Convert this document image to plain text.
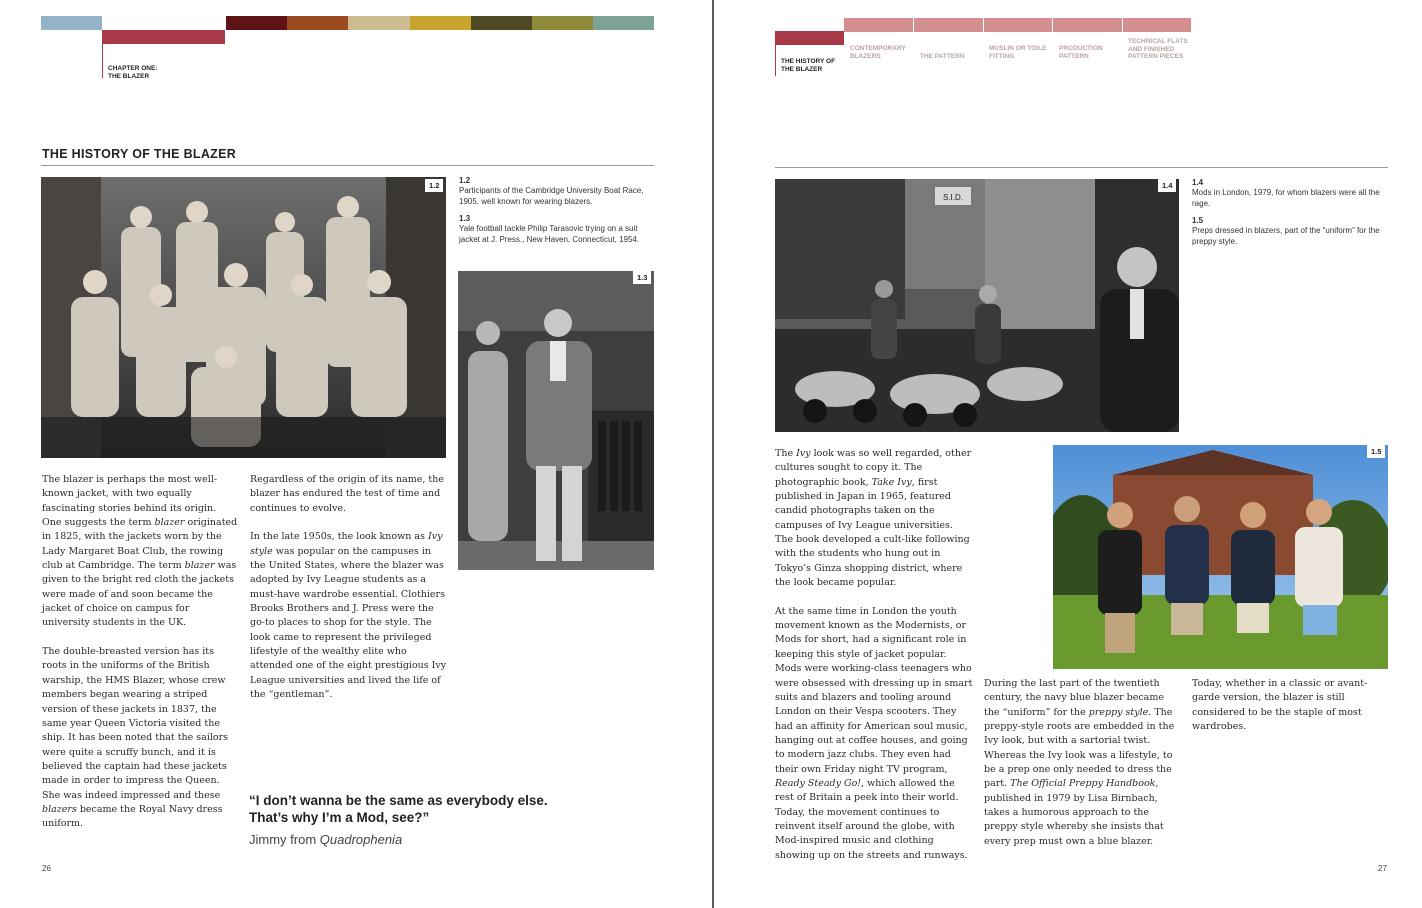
CHAPTER ONE:
THE BLAZER
THE HISTORY OF THE BLAZER
1.2
1.2
Participants of the Cambridge University Boat Race, 1905, well known for wearing blazers.
1.3
Yale football tackle Philip Tarasovic trying on a suit jacket at J. Press., New Haven, Connecticut, 1954.
1.3

The blazer is perhaps the most well-known jacket, with two equally fascinating stories behind its origin. One suggests the term blazer originated in 1825, with the jackets worn by the Lady Margaret Boat Club, the rowing club at Cambridge. The term blazer was given to the bright red cloth the jackets were made of and soon became the jacket of choice on campus for university students in the UK.

The double-breasted version has its roots in the uniforms of the British warship, the HMS Blazer, whose crew members began wearing a striped version of these jackets in 1837, the same year Queen Victoria visited the ship. It has been noted that the sailors were quite a scruffy bunch, and it is believed the captain had these jackets made in order to impress the Queen. She was indeed impressed and these blazers became the Royal Navy dress uniform.

Regardless of the origin of its name, the blazer has endured the test of time and continues to evolve.

In the late 1950s, the look known as Ivy style was popular on the campuses in the United States, where the blazer was adopted by Ivy League students as a must-have wardrobe essential. Clothiers Brooks Brothers and J. Press were the go-to places to shop for the style. The look came to represent the privileged lifestyle of the wealthy elite who attended one of the eight prestigious Ivy League universities and lived the life of the “gentleman”.

“I don’t wanna be the same as everybody else.
That’s why I’m a Mod, see?”
Jimmy from Quadrophenia
26
THE HISTORY OF
THE BLAZER
CONTEMPORARY
BLAZERS	THE PATTERN
MUSLIN OR TOILE
FITTING
PRODUCTION
PATTERN
TECHNICAL FLATS
AND FINISHED
PATTERN PIECES
S.I.D.
1.4	1.4
Mods in London, 1979, for whom blazers were all the rage.
1.5
Preps dressed in blazers, part of the “uniform” for the preppy style.
1.5

The Ivy look was so well regarded, other cultures sought to copy it. The photographic book, Take Ivy, first published in Japan in 1965, featured candid photographs taken on the campuses of Ivy League universities. The book developed a cult-like following with the students who hung out in Tokyo’s Ginza shopping district, where the look became popular.

At the same time in London the youth movement known as the Modernists, or Mods for short, had a significant role in keeping this style of jacket popular. Mods were working-class teenagers who were obsessed with dressing up in smart suits and blazers and tooling around London on their Vespa scooters. They had an affinity for American soul music, hanging out at coffee houses, and going to modern jazz clubs. They even had their own Friday night TV program, Ready Steady Go!, which allowed the rest of Britain a peek into their world. Today, the movement continues to reinvent itself around the globe, with Mod-inspired music and clothing showing up on the streets and runways.

During the last part of the twentieth century, the navy blue blazer became the “uniform” for the preppy style. The preppy-style roots are embedded in the Ivy look, but with a sartorial twist. Whereas the Ivy look was a lifestyle, to be a prep one only needed to dress the part. The Official Preppy Handbook, published in 1979 by Lisa Birnbach, takes a humorous approach to the preppy style whereby she insists that every prep must own a blue blazer.

Today, whether in a classic or avant-garde version, the blazer is still considered to be the staple of most wardrobes.

27
